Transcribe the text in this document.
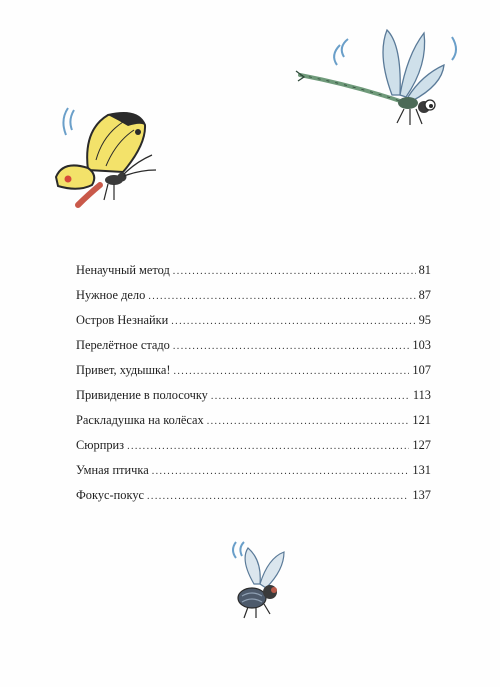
Ненаучный метод .....	81
Нужное дело .....	87
Остров Незнайки .....	95
Перелётное стадо .....	103
Привет, худышка! .....	107
Привидение в полосочку .....	113
Раскладушка на колёсах .....	121
Сюрприз .....	127
Умная птичка .....	131
Фокус-покус .....	137
